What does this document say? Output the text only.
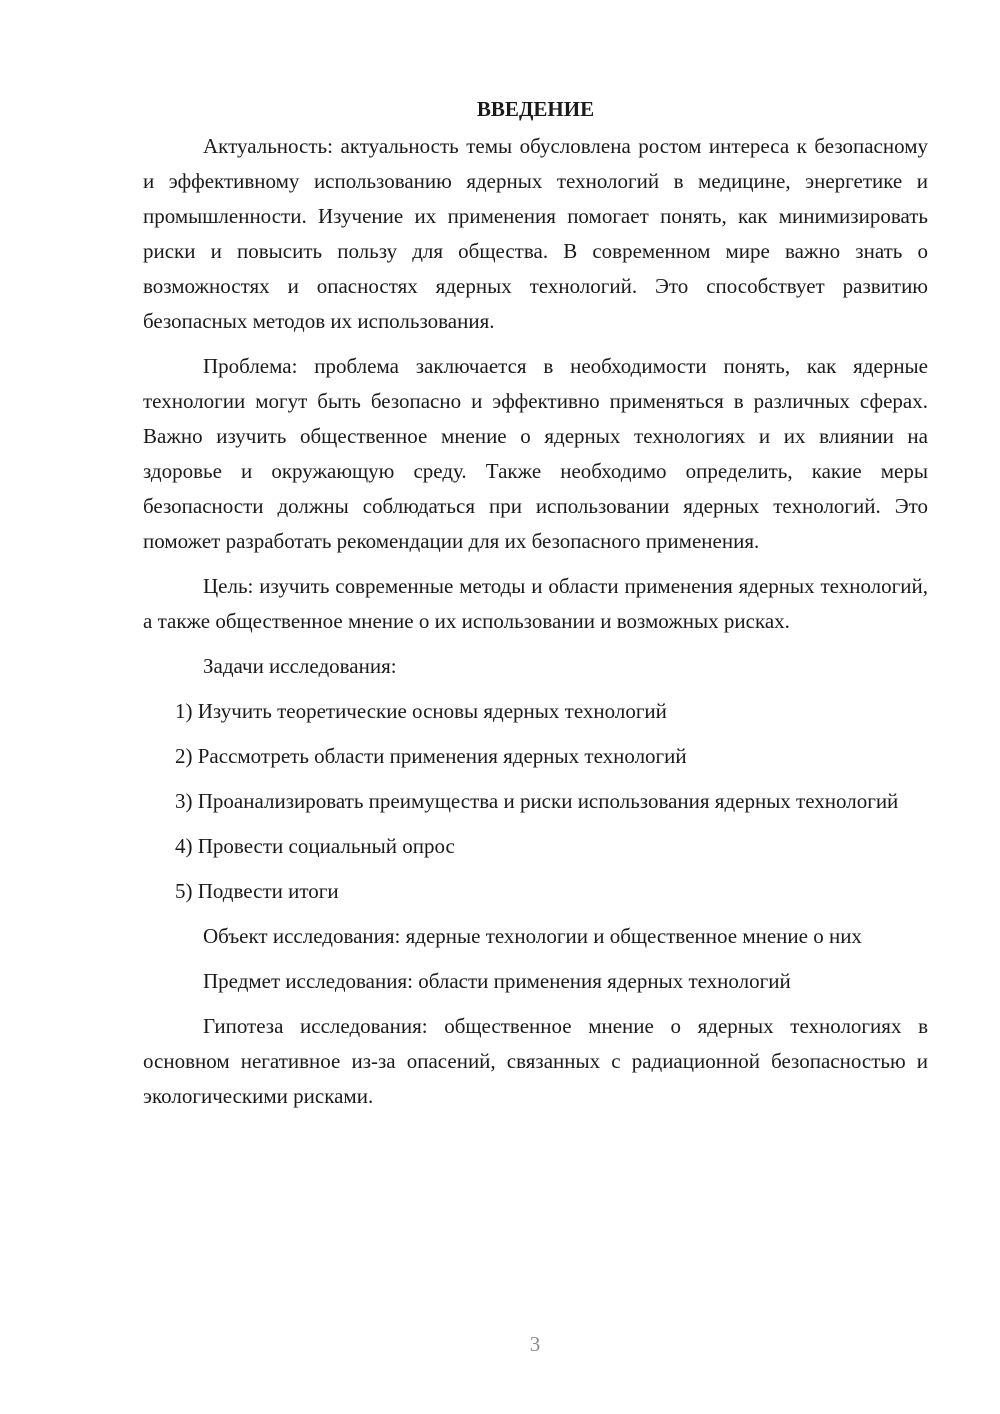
ВВЕДЕНИЕ

Актуальность: актуальность темы обусловлена ростом интереса к безопасному и эффективному использованию ядерных технологий в медицине, энергетике и промышленности. Изучение их применения помогает понять, как минимизировать риски и повысить пользу для общества. В современном мире важно знать о возможностях и опасностях ядерных технологий. Это способствует развитию безопасных методов их использования.

Проблема: проблема заключается в необходимости понять, как ядерные технологии могут быть безопасно и эффективно применяться в различных сферах. Важно изучить общественное мнение о ядерных технологиях и их влиянии на здоровье и окружающую среду. Также необходимо определить, какие меры безопасности должны соблюдаться при использовании ядерных технологий. Это поможет разработать рекомендации для их безопасного применения.

Цель: изучить современные методы и области применения ядерных технологий, а также общественное мнение о их использовании и возможных рисках.

Задачи исследования:

1) Изучить теоретические основы ядерных технологий

2) Рассмотреть области применения ядерных технологий

3) Проанализировать преимущества и риски использования ядерных технологий

4) Провести социальный опрос

5) Подвести итоги

Объект исследования: ядерные технологии и общественное мнение о них

Предмет исследования: области применения ядерных технологий

Гипотеза исследования: общественное мнение о ядерных технологиях в основном негативное из-за опасений, связанных с радиационной безопасностью и экологическими рисками.

3
